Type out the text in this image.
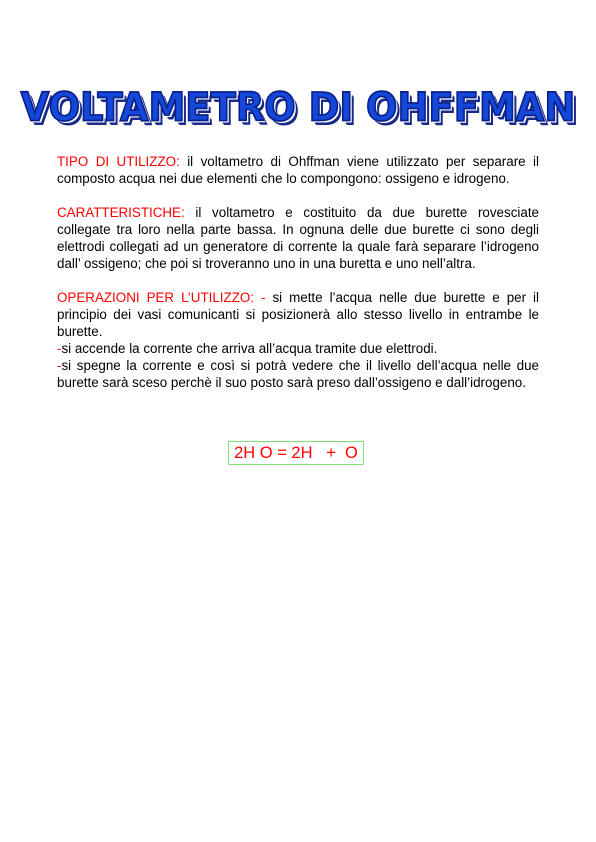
VOLTAMETRO DI OHFFMAN

TIPO DI UTILIZZO: il voltametro di Ohffman viene utilizzato per separare il composto acqua nei due elementi che lo compongono: ossigeno e idrogeno.

CARATTERISTICHE: il voltametro e costituito da due burette rovesciate collegate tra loro nella parte bassa. In ognuna delle due burette ci sono degli elettrodi collegati ad un generatore di corrente la quale farà separare l’idrogeno dall’ ossigeno; che poi si troveranno uno in una buretta e uno nell’altra.

OPERAZIONI PER L’UTILIZZO: - si mette l’acqua nelle due burette e per il principio dei vasi comunicanti si posizionerà allo stesso livello in entrambe le burette.

-si accende la corrente che arriva all’acqua tramite due elettrodi.

-si spegne la corrente e così si potrà vedere che il livello dell’acqua nelle due burette sarà sceso perchè il suo posto sarà preso dall’ossigeno e dall’idrogeno.

2H O = 2H   +  O
